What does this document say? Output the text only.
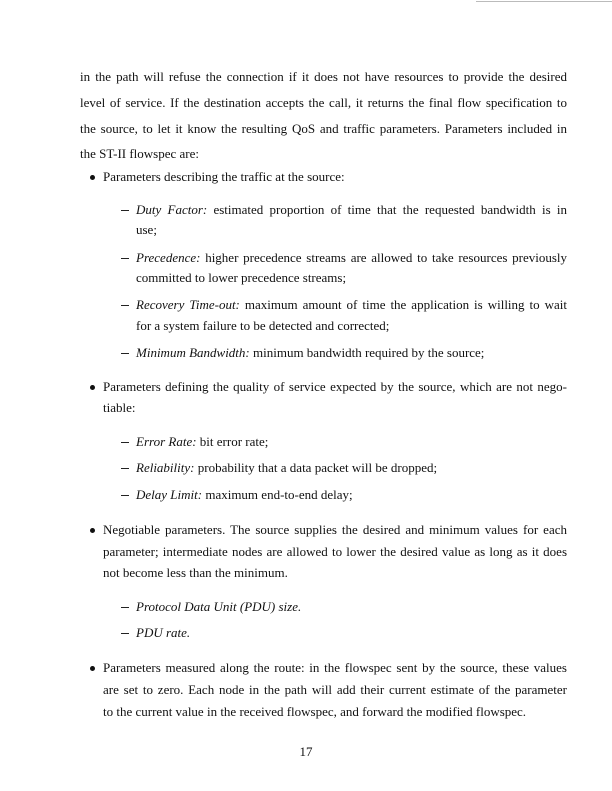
in the path will refuse the connection if it does not have resources to provide the desired
level of service. If the destination accepts the call, it returns the final flow specification to
the source, to let it know the resulting QoS and traffic parameters. Parameters included in
the ST-II flowspec are:
Parameters describing the traffic at the source:
Duty Factor: estimated proportion of time that the requested bandwidth is in
use;
Precedence: higher precedence streams are allowed to take resources previously
committed to lower precedence streams;
Recovery Time-out: maximum amount of time the application is willing to wait
for a system failure to be detected and corrected;
Minimum Bandwidth: minimum bandwidth required by the source;
Parameters defining the quality of service expected by the source, which are not nego-
tiable:
Error Rate: bit error rate;
Reliability: probability that a data packet will be dropped;
Delay Limit: maximum end-to-end delay;
Negotiable parameters. The source supplies the desired and minimum values for each
parameter; intermediate nodes are allowed to lower the desired value as long as it does
not become less than the minimum.
Protocol Data Unit (PDU) size.
PDU rate.
Parameters measured along the route: in the flowspec sent by the source, these values
are set to zero. Each node in the path will add their current estimate of the parameter
to the current value in the received flowspec, and forward the modified flowspec.
17
